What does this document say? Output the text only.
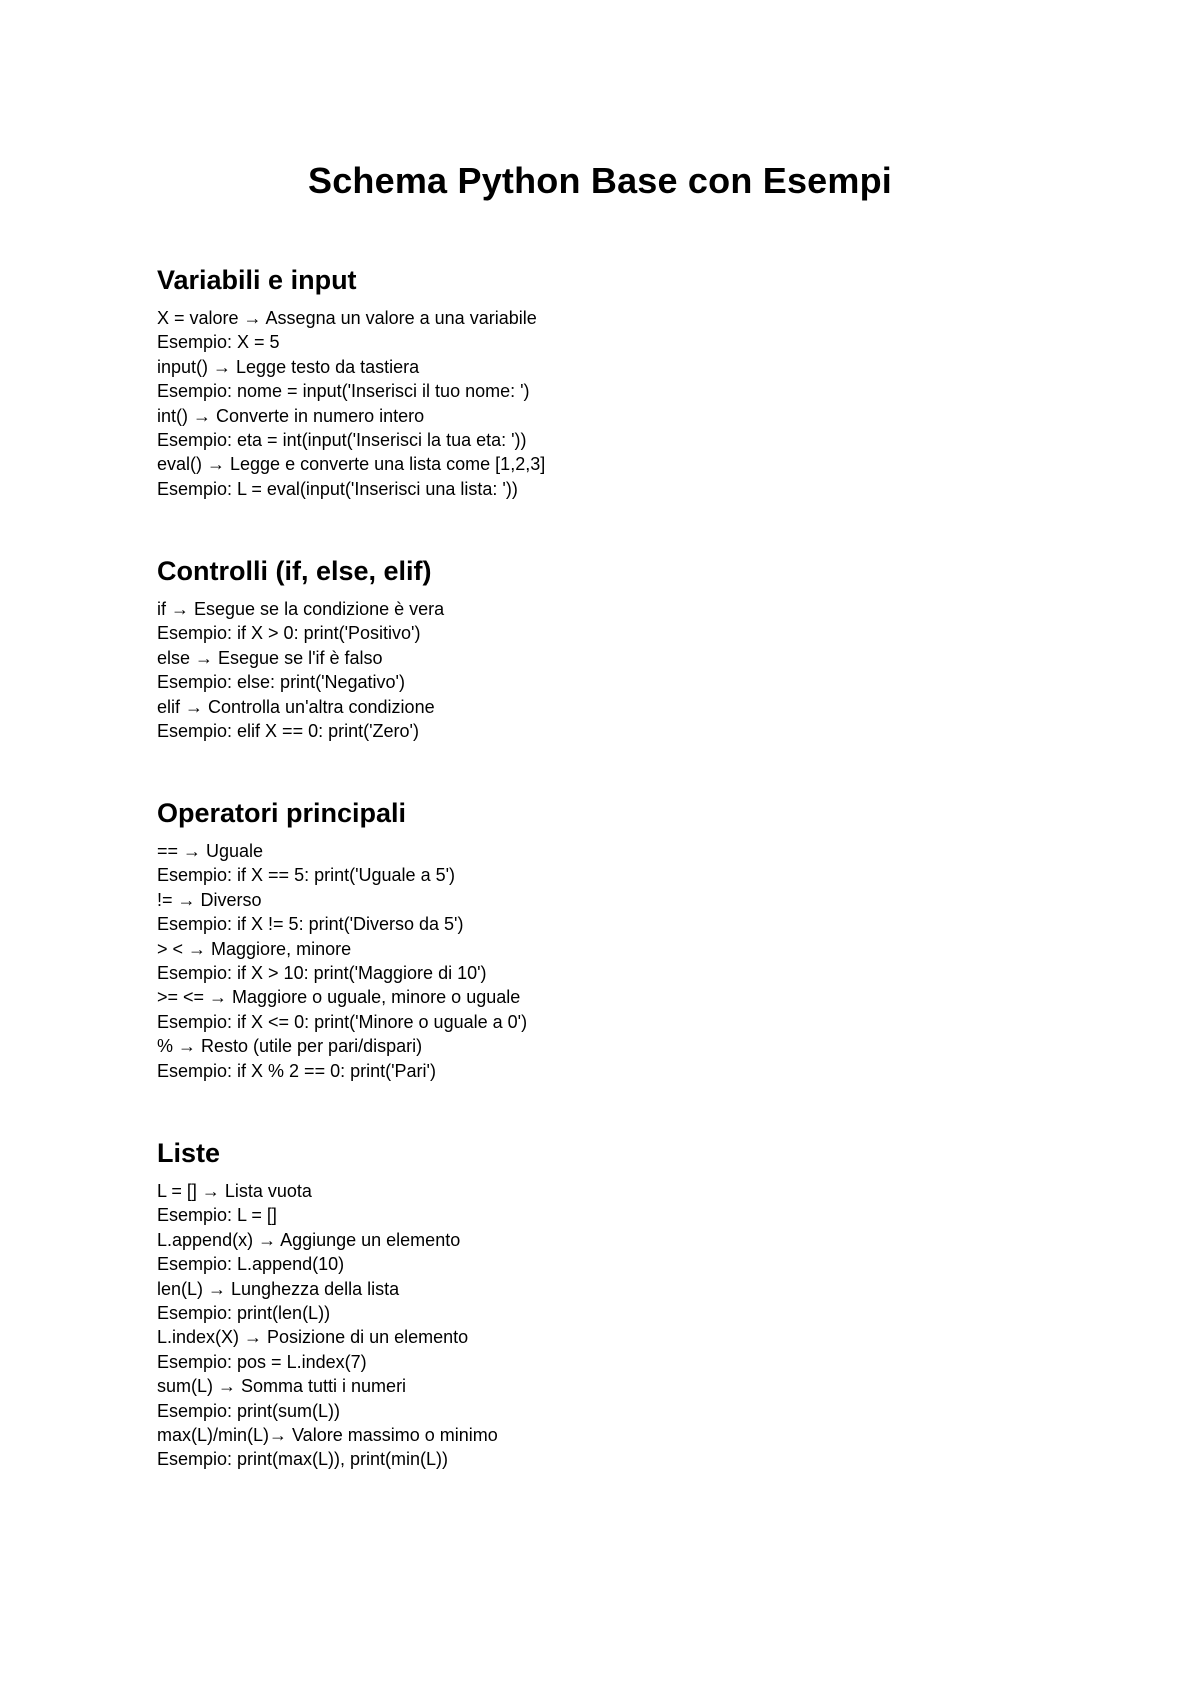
Schema Python Base con Esempi
Variabili e input

X = valore → Assegna un valore a una variabile

Esempio: X = 5

input() → Legge testo da tastiera

Esempio: nome = input('Inserisci il tuo nome: ')

int() → Converte in numero intero

Esempio: eta = int(input('Inserisci la tua eta: '))

eval() → Legge e converte una lista come [1,2,3]

Esempio: L = eval(input('Inserisci una lista: '))

Controlli (if, else, elif)

if → Esegue se la condizione è vera

Esempio: if X > 0: print('Positivo')

else → Esegue se l'if è falso

Esempio: else: print('Negativo')

elif → Controlla un'altra condizione

Esempio: elif X == 0: print('Zero')

Operatori principali

== → Uguale

Esempio: if X == 5: print('Uguale a 5')

!= → Diverso

Esempio: if X != 5: print('Diverso da 5')

> < → Maggiore, minore

Esempio: if X > 10: print('Maggiore di 10')

>= <= → Maggiore o uguale, minore o uguale

Esempio: if X <= 0: print('Minore o uguale a 0')

% → Resto (utile per pari/dispari)

Esempio: if X % 2 == 0: print('Pari')

Liste

L = [] → Lista vuota

Esempio: L = []

L.append(x) → Aggiunge un elemento

Esempio: L.append(10)

len(L) → Lunghezza della lista

Esempio: print(len(L))

L.index(X) → Posizione di un elemento

Esempio: pos = L.index(7)

sum(L) → Somma tutti i numeri

Esempio: print(sum(L))

max(L)/min(L)→ Valore massimo o minimo

Esempio: print(max(L)), print(min(L))
